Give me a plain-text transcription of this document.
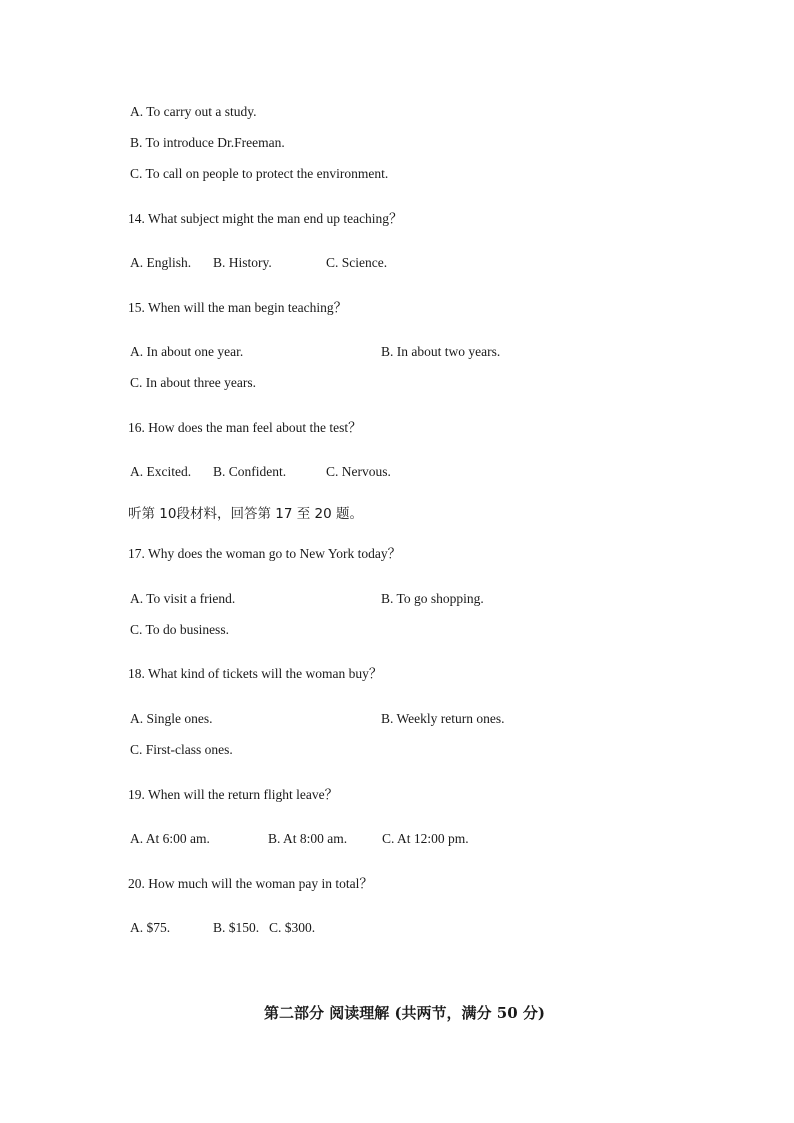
A. To carry out a study.
B. To introduce Dr.Freeman.
C. To call on people to protect the environment.
14. What subject might the man end up teaching？
A. English. B. History.	C. Science.
15. When will the man begin teaching？
A. In about one year.	B. In about two years.
C. In about three years.
16. How does the man feel about the test？
A. Excited. B. Confident.	C. Nervous.
听第 10段材料，回答第 17 至 20 题。
17. Why does the woman go to New York today？
A. To visit a friend.	B. To go shopping.
C. To do business.
18. What kind of tickets will the woman buy？
A. Single ones.	B. Weekly return ones.
C. First-class ones.
19. When will the return flight leave？
A. At 6:00 am.	B. At 8:00 am.	C. At 12:00 pm.
20. How much will the woman pay in total？
A. $75.	B. $150. C. $300.
第二部分 阅读理解 (共两节，满分 50 分)
